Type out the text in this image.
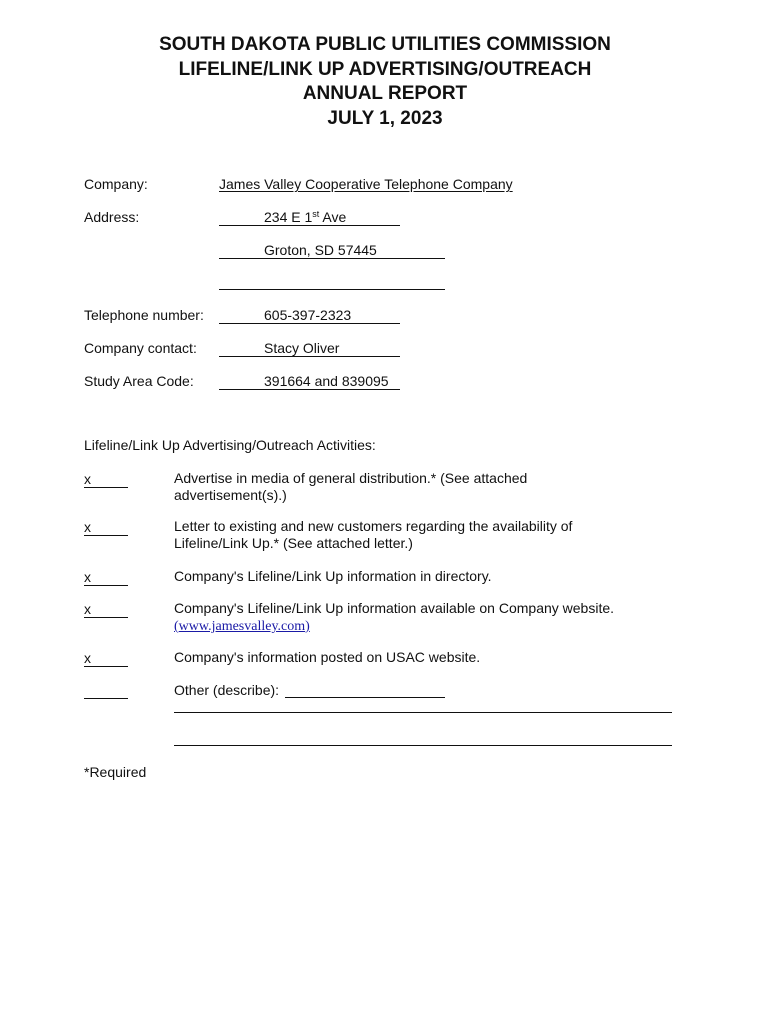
SOUTH DAKOTA PUBLIC UTILITIES COMMISSION
LIFELINE/LINK UP ADVERTISING/OUTREACH
ANNUAL REPORT
JULY 1, 2023
Company:	James Valley Cooperative Telephone Company
Address:	234 E 1st Ave
Groton, SD 57445
Telephone number:	605-397-2323
Company contact:	Stacy Oliver
Study Area Code:	391664 and 839095
Lifeline/Link Up Advertising/Outreach Activities:
x	Advertise in media of general distribution.* (See attached
advertisement(s).)
x	Letter to existing and new customers regarding the availability of
Lifeline/Link Up.* (See attached letter.)
x	Company's Lifeline/Link Up information in directory.
x	Company's Lifeline/Link Up information available on Company website.
(www.jamesvalley.com)
x	Company's information posted on USAC website.
Other (describe):
*Required
